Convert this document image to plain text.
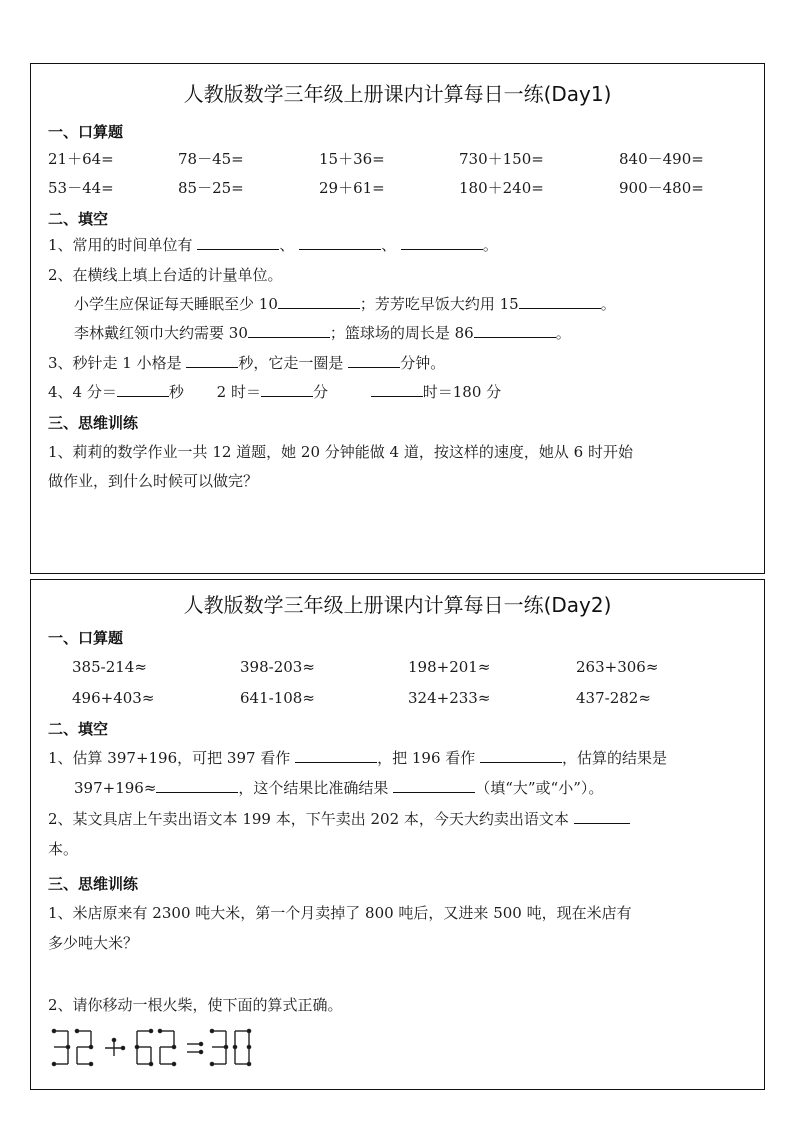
人教版数学三年级上册课内计算每日一练(Day1)
一、口算题
21＋64=	78－45=	15＋36=	730＋150=	840－490=
53－44=	85－25=	29＋61=	180＋240=	900－480=
二、填空
1、常用的时间单位有	、	、	。
2、在横线上填上台适的计量单位。
小学生应保证每天睡眠至少 10	；芳芳吃早饭大约用 15	。
李林戴红领巾大约需要 30	；篮球场的周长是 86	。
3、秒针走 1 小格是	秒，它走一圈是	分钟。
4、4 分＝	秒 2 时＝	分	时＝180 分
三、思维训练
1、莉莉的数学作业一共 12 道题，她 20 分钟能做 4 道，按这样的速度，她从 6 时开始
做作业，到什么时候可以做完？
人教版数学三年级上册课内计算每日一练(Day2)
一、口算题
385-214≈	398-203≈	198+201≈	263+306≈
496+403≈	641-108≈	324+233≈	437-282≈
二、填空
1、估算 397+196，可把 397 看作	，把 196 看作	，估算的结果是
397+196≈	，这个结果比准确结果	（填“大”或“小”）。
2、某文具店上午卖出语文本 199 本，下午卖出 202 本，今天大约卖出语文本
本。
三、思维训练
1、米店原来有 2300 吨大米，第一个月卖掉了 800 吨后，又进来 500 吨，现在米店有
多少吨大米？
2、请你移动一根火柴，使下面的算式正确。
